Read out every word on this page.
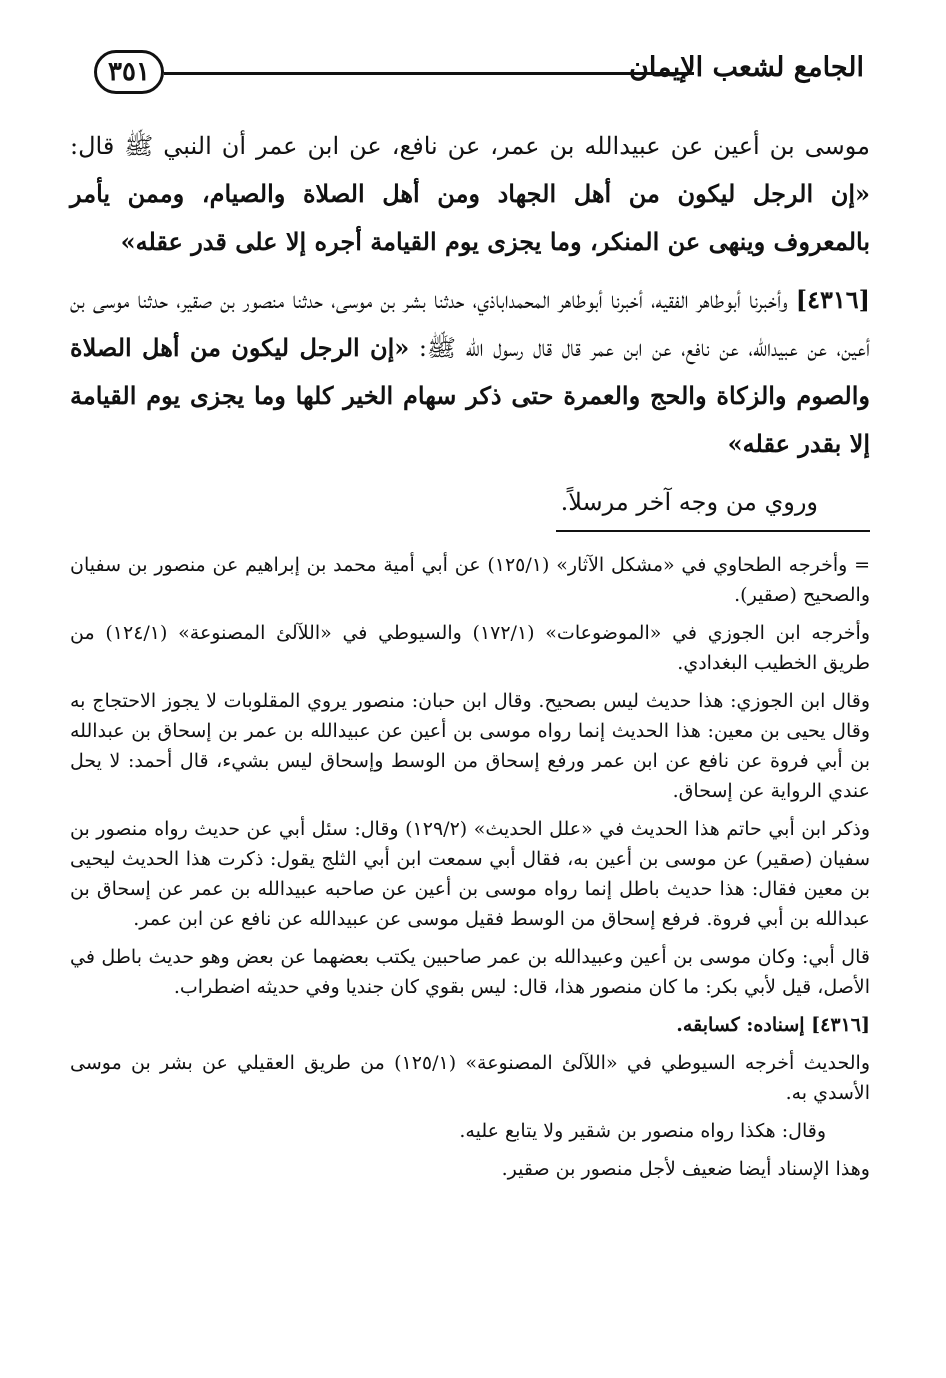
٣٥١	الجامع لشعب الإيمان

موسى بن أعين عن عبيدالله بن عمر، عن نافع، عن ابن عمر أن النبي ﷺ قال: «إن الرجل ليكون من أهل الجهاد ومن أهل الصلاة والصيام، وممن يأمر بالمعروف وينهى عن المنكر، وما يجزى يوم القيامة أجره إلا على قدر عقله»

[٤٣١٦] وأخبرنا أبوطاهر الفقيه، أخبرنا أبوطاهر المحمداباذي، حدثنا بشر بن موسى، حدثنا منصور بن صقير، حدثنا موسى بن أعين، عن عبيدالله، عن نافع، عن ابن عمر قال قال رسول الله ﷺ: «إن الرجل ليكون من أهل الصلاة والصوم والزكاة والحج والعمرة حتى ذكر سهام الخير كلها وما يجزى يوم القيامة إلا بقدر عقله»

وروي من وجه آخر مرسلاً.

= وأخرجه الطحاوي في «مشكل الآثار» (١٢٥/١) عن أبي أمية محمد بن إبراهيم عن منصور بن سفيان والصحيح (صقير).

وأخرجه ابن الجوزي في «الموضوعات» (١٧٢/١) والسيوطي في «اللآلئ المصنوعة» (١٢٤/١) من طريق الخطيب البغدادي.

وقال ابن الجوزي: هذا حديث ليس بصحيح. وقال ابن حبان: منصور يروي المقلوبات لا يجوز الاحتجاج به وقال يحيى بن معين: هذا الحديث إنما رواه موسى بن أعين عن عبيدالله بن عمر بن إسحاق بن عبدالله بن أبي فروة عن نافع عن ابن عمر ورفع إسحاق من الوسط وإسحاق ليس بشيء، قال أحمد: لا يحل عندي الرواية عن إسحاق.

وذكر ابن أبي حاتم هذا الحديث في «علل الحديث» (١٢٩/٢) وقال: سئل أبي عن حديث رواه منصور بن سفيان (صقير) عن موسى بن أعين به، فقال أبي سمعت ابن أبي الثلج يقول: ذكرت هذا الحديث ليحيى بن معين فقال: هذا حديث باطل إنما رواه موسى بن أعين عن صاحبه عبيدالله بن عمر عن إسحاق بن عبدالله بن أبي فروة. فرفع إسحاق من الوسط فقيل موسى عن عبيدالله عن نافع عن ابن عمر.

قال أبي: وكان موسى بن أعين وعبيدالله بن عمر صاحبين يكتب بعضهما عن بعض وهو حديث باطل في الأصل، قيل لأبي بكر: ما كان منصور هذا، قال: ليس بقوي كان جنديا وفي حديثه اضطراب.

[٤٣١٦] إسناده: كسابقه.

والحديث أخرجه السيوطي في «اللآلئ المصنوعة» (١٢٥/١) من طريق العقيلي عن بشر بن موسى الأسدي به.

وقال: هكذا رواه منصور بن شقير ولا يتابع عليه.

وهذا الإسناد أيضا ضعيف لأجل منصور بن صقير.
